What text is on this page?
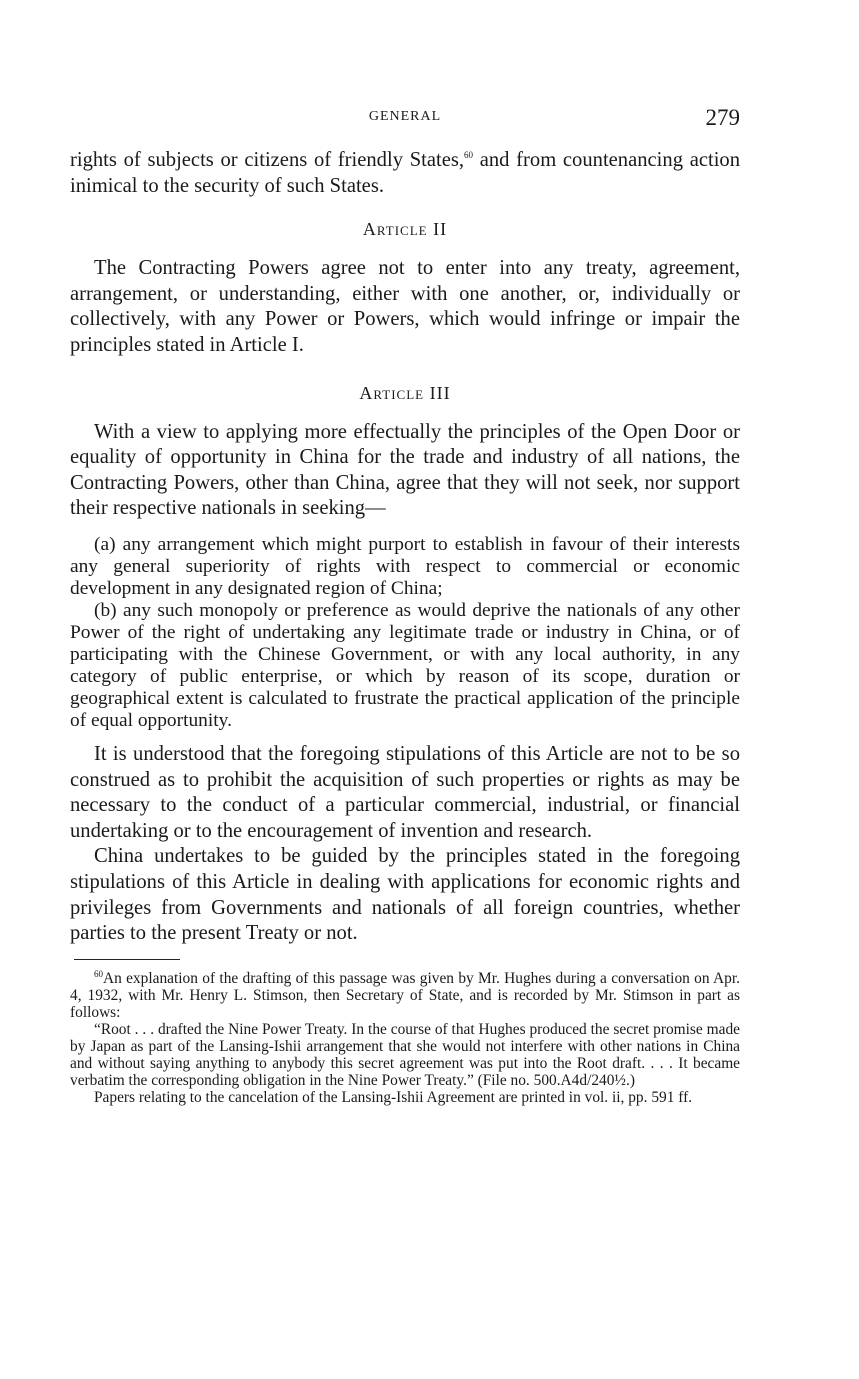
GENERAL	279

rights of subjects or citizens of friendly States,$^{60}$ and from countenancing action inimical to the security of such States.

Article II

The Contracting Powers agree not to enter into any treaty, agreement, arrangement, or understanding, either with one another, or, individually or collectively, with any Power or Powers, which would infringe or impair the principles stated in Article I.

Article III

With a view to applying more effectually the principles of the Open Door or equality of opportunity in China for the trade and industry of all nations, the Contracting Powers, other than China, agree that they will not seek, nor support their respective nationals in seeking—

(a) any arrangement which might purport to establish in favour of their interests any general superiority of rights with respect to commercial or economic development in any designated region of China;

(b) any such monopoly or preference as would deprive the nationals of any other Power of the right of undertaking any legitimate trade or industry in China, or of participating with the Chinese Government, or with any local authority, in any category of public enterprise, or which by reason of its scope, duration or geographical extent is calculated to frustrate the practical application of the principle of equal opportunity.

It is understood that the foregoing stipulations of this Article are not to be so construed as to prohibit the acquisition of such properties or rights as may be necessary to the conduct of a particular commercial, industrial, or financial undertaking or to the encouragement of invention and research.

China undertakes to be guided by the principles stated in the foregoing stipulations of this Article in dealing with applications for economic rights and privileges from Governments and nationals of all foreign countries, whether parties to the present Treaty or not.

$^{60}$An explanation of the drafting of this passage was given by Mr. Hughes during a conversation on Apr. 4, 1932, with Mr. Henry L. Stimson, then Secretary of State, and is recorded by Mr. Stimson in part as follows:

“Root . . . drafted the Nine Power Treaty. In the course of that Hughes produced the secret promise made by Japan as part of the Lansing-Ishii arrangement that she would not interfere with other nations in China and without saying anything to anybody this secret agreement was put into the Root draft. . . . It became verbatim the corresponding obligation in the Nine Power Treaty.” (File no. 500.A4d/240½.)

Papers relating to the cancelation of the Lansing-Ishii Agreement are printed in vol. ii, pp. 591 ff.
